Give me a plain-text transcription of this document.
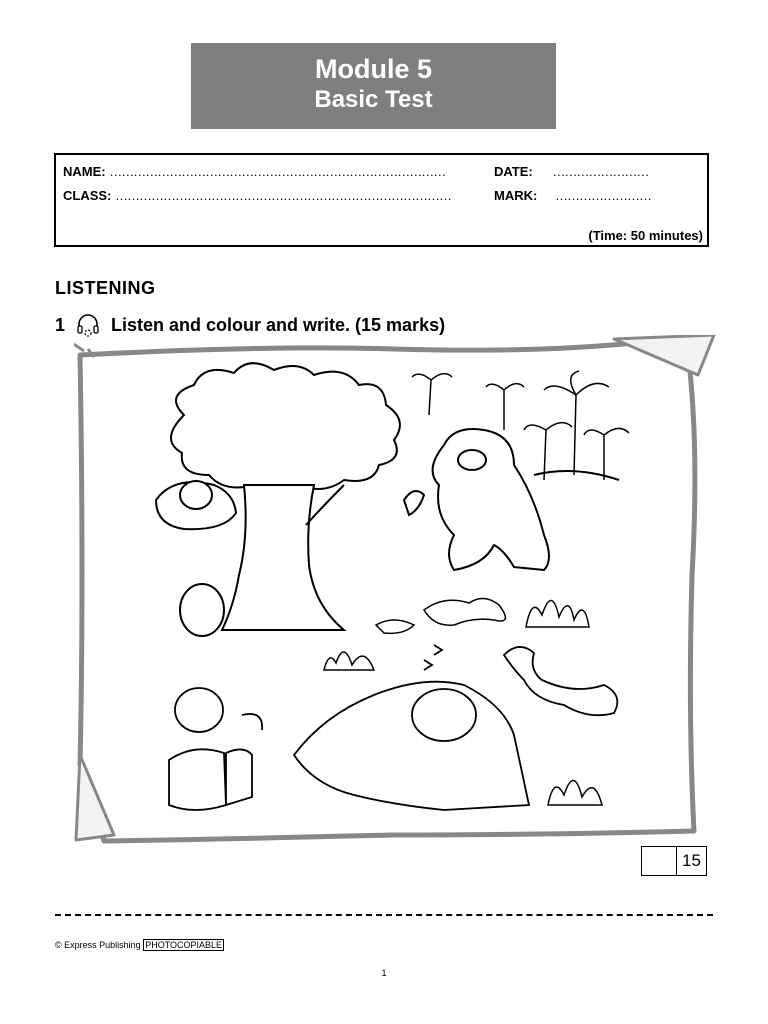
Module 5
Basic Test
NAME: …………………………………………………………………………	DATE: ……………………
CLASS: …………………………………………………………………………	MARK: ……………………
(Time: 50 minutes)
LISTENING
1	Listen and colour and write. (15 marks)
15
© Express Publishing PHOTOCOPIABLE
1
